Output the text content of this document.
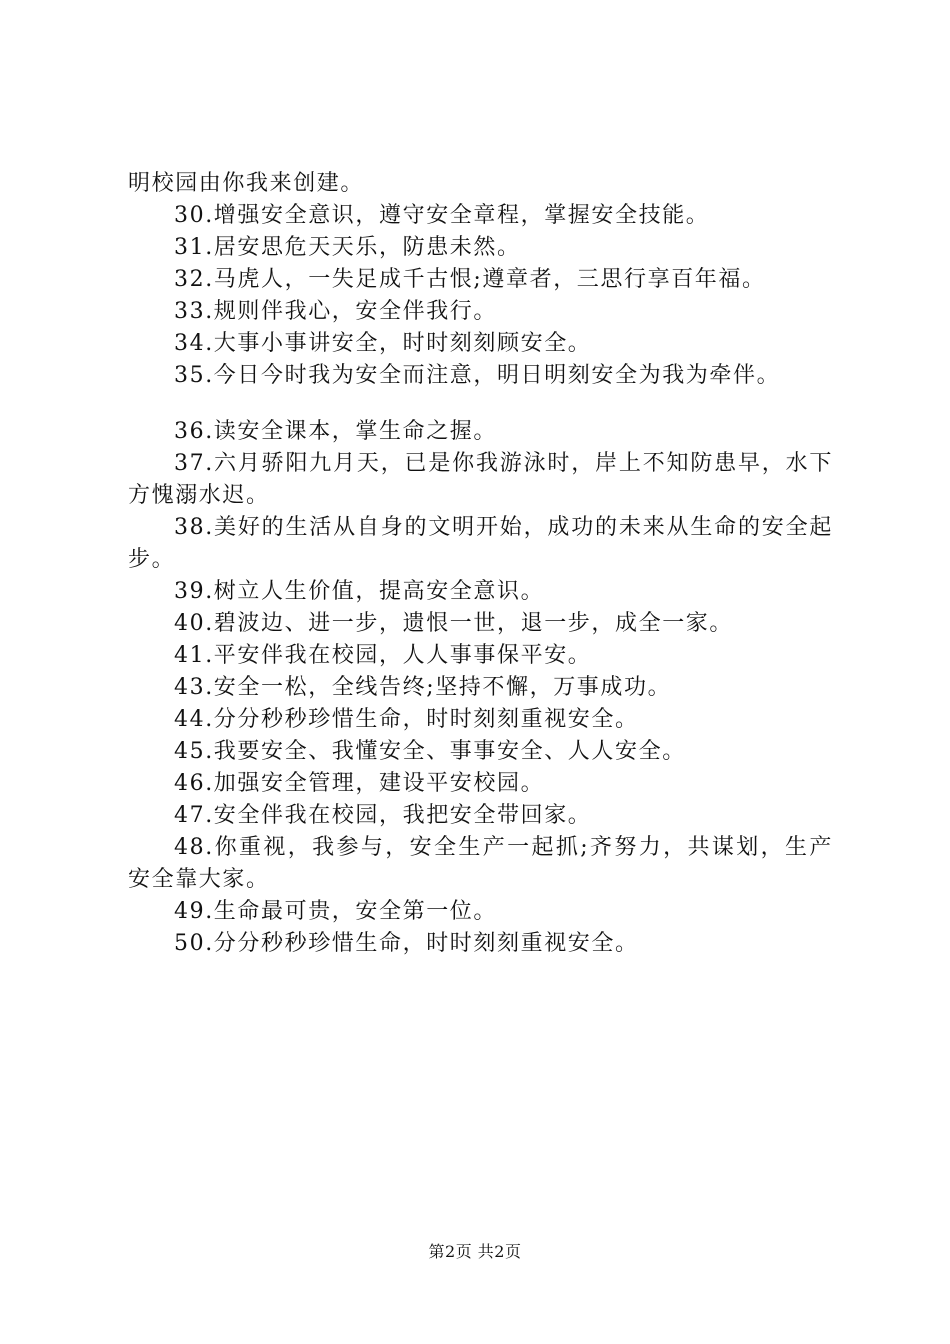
明校园由你我来创建。

30.增强安全意识，遵守安全章程，掌握安全技能。

31.居安思危天天乐，防患未然。

32.马虎人，一失足成千古恨;遵章者，三思行享百年福。

33.规则伴我心，安全伴我行。

34.大事小事讲安全，时时刻刻顾安全。

35.今日今时我为安全而注意，明日明刻安全为我为牵伴。

36.读安全课本，掌生命之握。

37.六月骄阳九月天，已是你我游泳时，岸上不知防患早，水下方愧溺水迟。

38.美好的生活从自身的文明开始，成功的未来从生命的安全起步。

39.树立人生价值，提高安全意识。

40.碧波边、进一步，遗恨一世，退一步，成全一家。

41.平安伴我在校园，人人事事保平安。

43.安全一松，全线告终;坚持不懈，万事成功。

44.分分秒秒珍惜生命，时时刻刻重视安全。

45.我要安全、我懂安全、事事安全、人人安全。

46.加强安全管理，建设平安校园。

47.安全伴我在校园，我把安全带回家。

48.你重视，我参与，安全生产一起抓;齐努力，共谋划，生产安全靠大家。

49.生命最可贵，安全第一位。

50.分分秒秒珍惜生命，时时刻刻重视安全。

第2页 共2页
